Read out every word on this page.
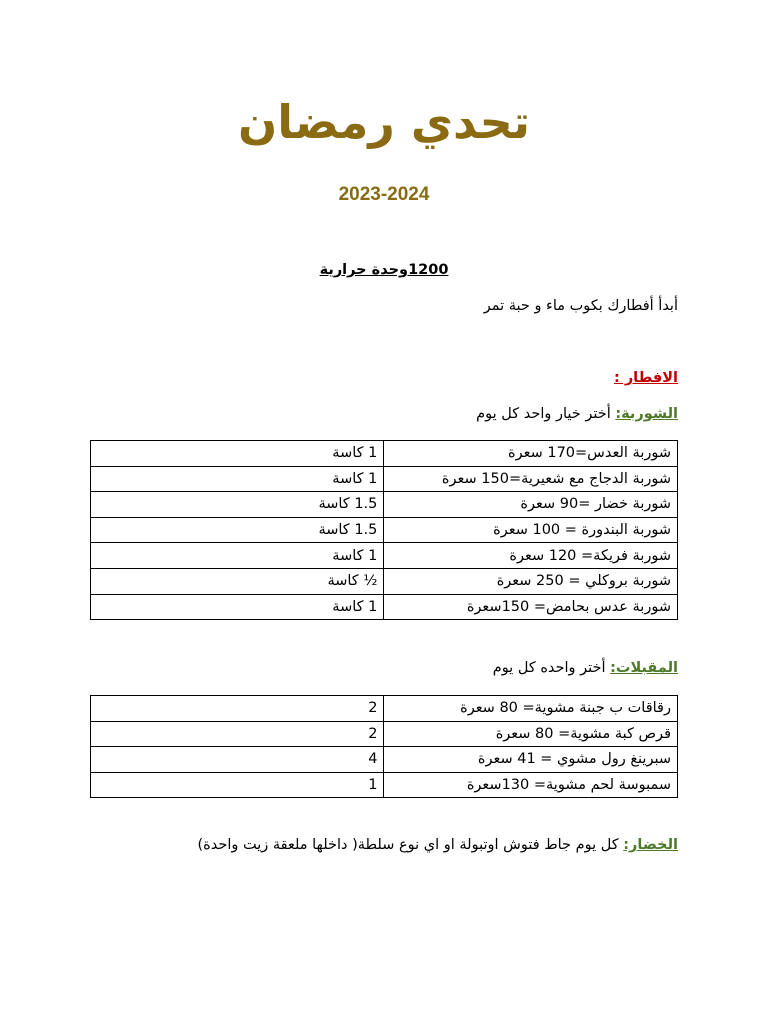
تحدي رمضان
2023-2024
1200وحدة حرارية
أبدأ أفطارك بكوب ماء و حبة تمر
الافطار :
الشوربة: أختر خيار واحد كل يوم
شوربة العدس=170 سعرة	1 كاسة
شوربة الدجاج مع شعيرية=150 سعرة	1 كاسة
شوربة خضار =90 سعرة	1.5 كاسة
شوربة البندورة = 100 سعرة	1.5 كاسة
شوربة فريكة= 120 سعرة	1 كاسة
شوربة بروكلي = 250 سعرة	½ كاسة
شوربة عدس بحامض= 150سعرة	1 كاسة
المقبلات: أختر واحده كل يوم
رقاقات ب جبنة مشوية= 80 سعرة	2
قرص كبة مشوية= 80 سعرة	2
سبرينغ رول مشوي = 41 سعرة	4
سمبوسة لحم مشوية= 130سعرة	1
الخضار: كل يوم جاط فتوش اوتبولة او اي نوع سلطة( داخلها ملعقة زيت واحدة)
